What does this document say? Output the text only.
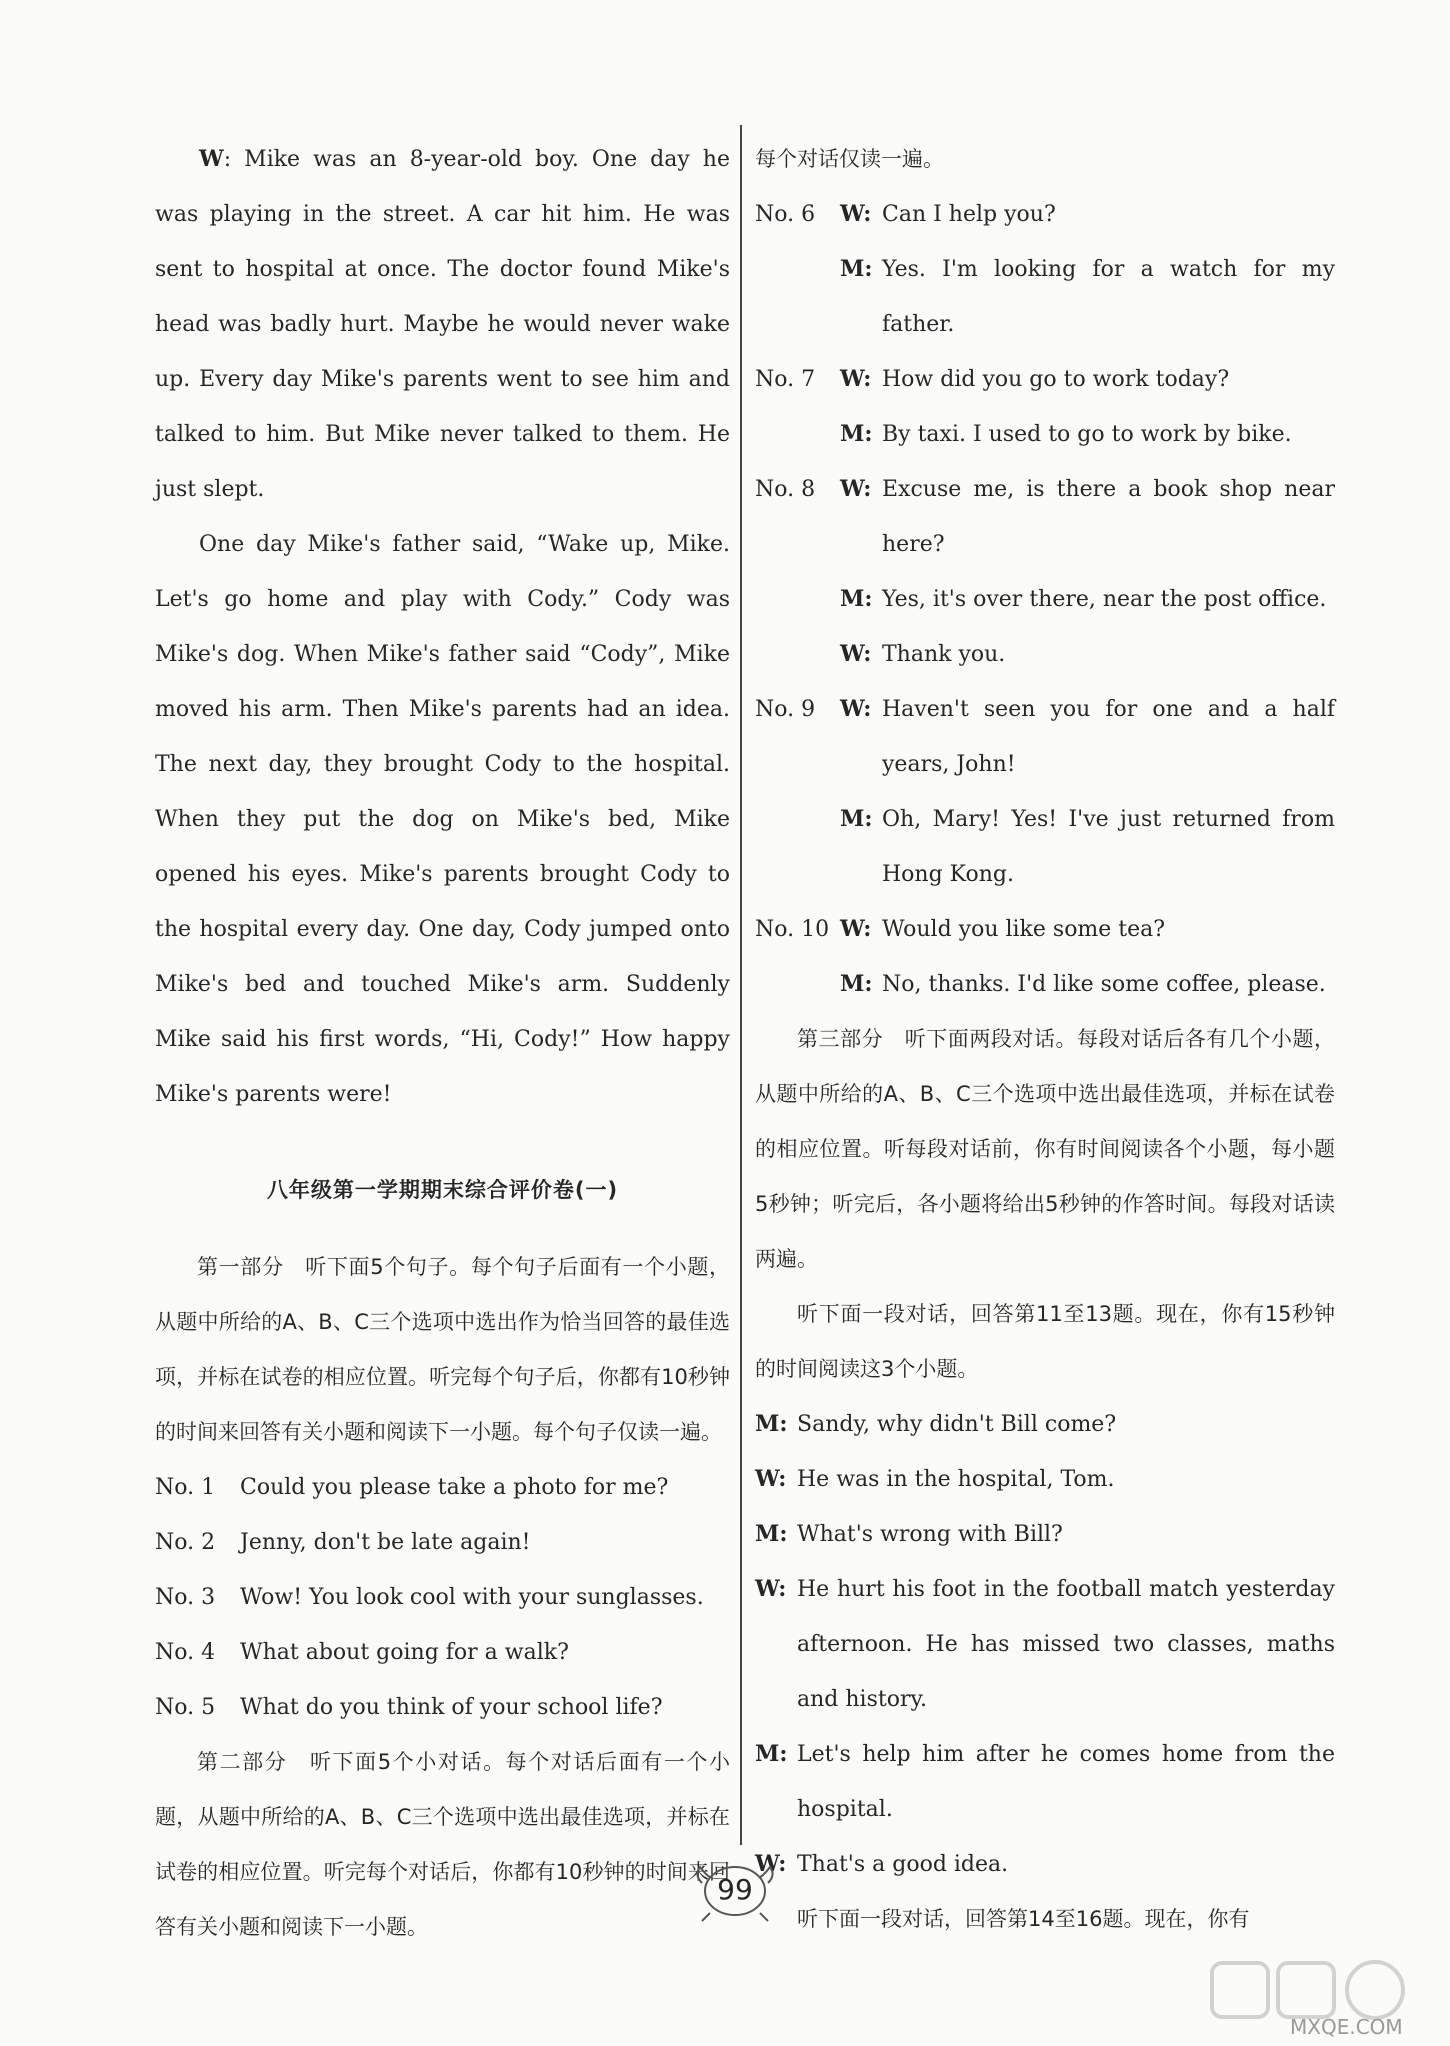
W: Mike was an 8-year-old boy. One day he was playing in the street. A car hit him. He was sent to hospital at once. The doctor found Mike's head was badly hurt. Maybe he would never wake up. Every day Mike's parents went to see him and talked to him. But Mike never talked to them. He just slept.

One day Mike's father said, “Wake up, Mike. Let's go home and play with Cody.” Cody was Mike's dog. When Mike's father said “Cody”, Mike moved his arm. Then Mike's parents had an idea. The next day, they brought Cody to the hospital. When they put the dog on Mike's bed, Mike opened his eyes. Mike's parents brought Cody to the hospital every day. One day, Cody jumped onto Mike's bed and touched Mike's arm. Suddenly Mike said his first words, “Hi, Cody!” How happy Mike's parents were!

八年级第一学期期末综合评价卷(一)

第一部分　听下面5个句子。每个句子后面有一个小题，从题中所给的A、B、C三个选项中选出作为恰当回答的最佳选项，并标在试卷的相应位置。听完每个句子后，你都有10秒钟的时间来回答有关小题和阅读下一小题。每个句子仅读一遍。

No. 1	Could you please take a photo for me?
No. 2	Jenny, don't be late again!
No. 3	Wow! You look cool with your sunglasses.
No. 4	What about going for a walk?
No. 5	What do you think of your school life?

第二部分　听下面5个小对话。每个对话后面有一个小题，从题中所给的A、B、C三个选项中选出最佳选项，并标在试卷的相应位置。听完每个对话后，你都有10秒钟的时间来回答有关小题和阅读下一小题。

每个对话仅读一遍。

No. 6	W: Can I help you?
M: Yes. I'm looking for a watch for my father.
No. 7	W: How did you go to work today?
M: By taxi. I used to go to work by bike.
No. 8	W: Excuse me, is there a book shop near here?
M: Yes, it's over there, near the post office.
W: Thank you.
No. 9	W: Haven't seen you for one and a half years, John!
M: Oh, Mary! Yes! I've just returned from Hong Kong.
No. 10 W: Would you like some tea?
M: No, thanks. I'd like some coffee, please.

第三部分　听下面两段对话。每段对话后各有几个小题，从题中所给的A、B、C三个选项中选出最佳选项，并标在试卷的相应位置。听每段对话前，你有时间阅读各个小题，每小题5秒钟；听完后，各小题将给出5秒钟的作答时间。每段对话读两遍。

听下面一段对话，回答第11至13题。现在，你有15秒钟的时间阅读这3个小题。

M: Sandy, why didn't Bill come?
W: He was in the hospital, Tom.
M: What's wrong with Bill?
W: He hurt his foot in the football match yesterday afternoon. He has missed two classes, maths and history.
M: Let's help him after he comes home from the hospital.
W: That's a good idea.

听下面一段对话，回答第14至16题。现在，你有

99
MXQE.COM
